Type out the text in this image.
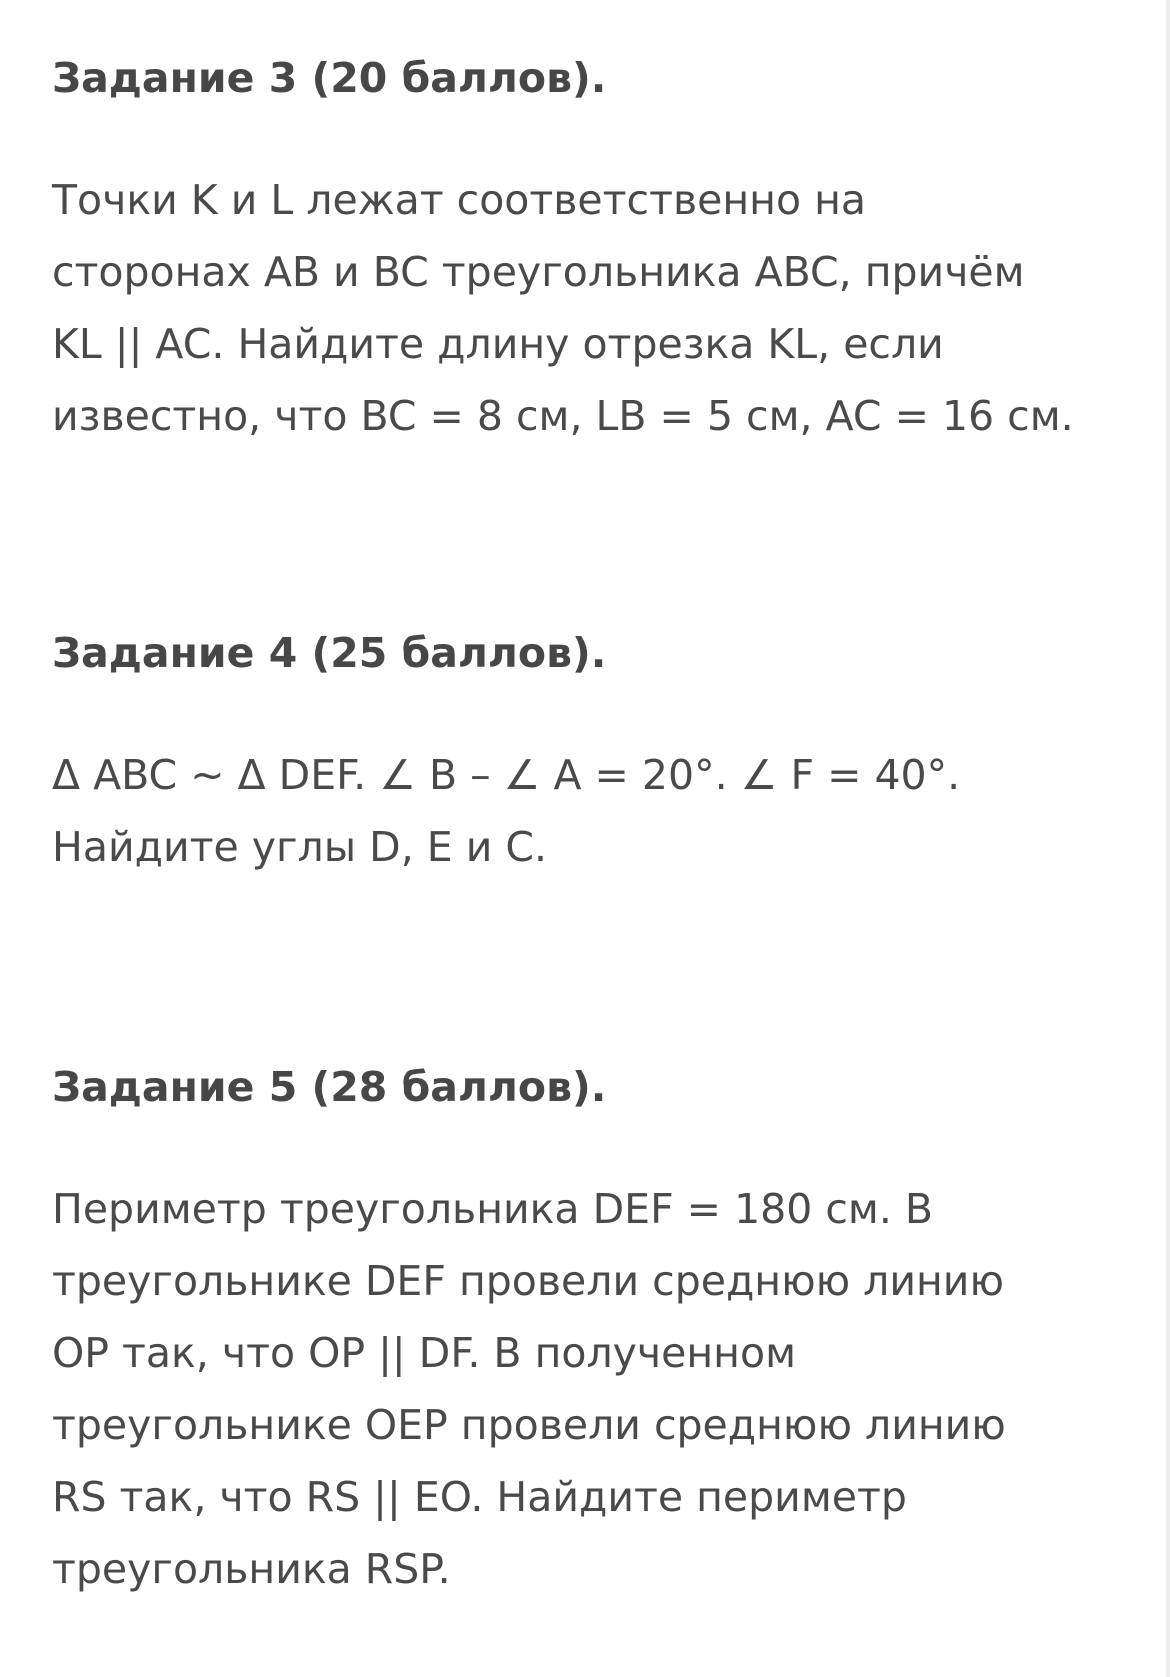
Задание 3 (20 баллов).

Точки K и L лежат соответственно на
сторонах AB и BC треугольника ABC, причём
KL || AC. Найдите длину отрезка KL, если
известно, что BC = 8 см, LB = 5 см, AC = 16 см.

Задание 4 (25 баллов).

Δ ABC ~ Δ DEF. ∠ B – ∠ A = 20°. ∠ F = 40°.
Найдите углы D, E и C.

Задание 5 (28 баллов).

Периметр треугольника DEF = 180 см. В
треугольнике DEF провели среднюю линию
OP так, что OP || DF. В полученном
треугольнике OEP провели среднюю линию
RS так, что RS || EO. Найдите периметр
треугольника RSP.
